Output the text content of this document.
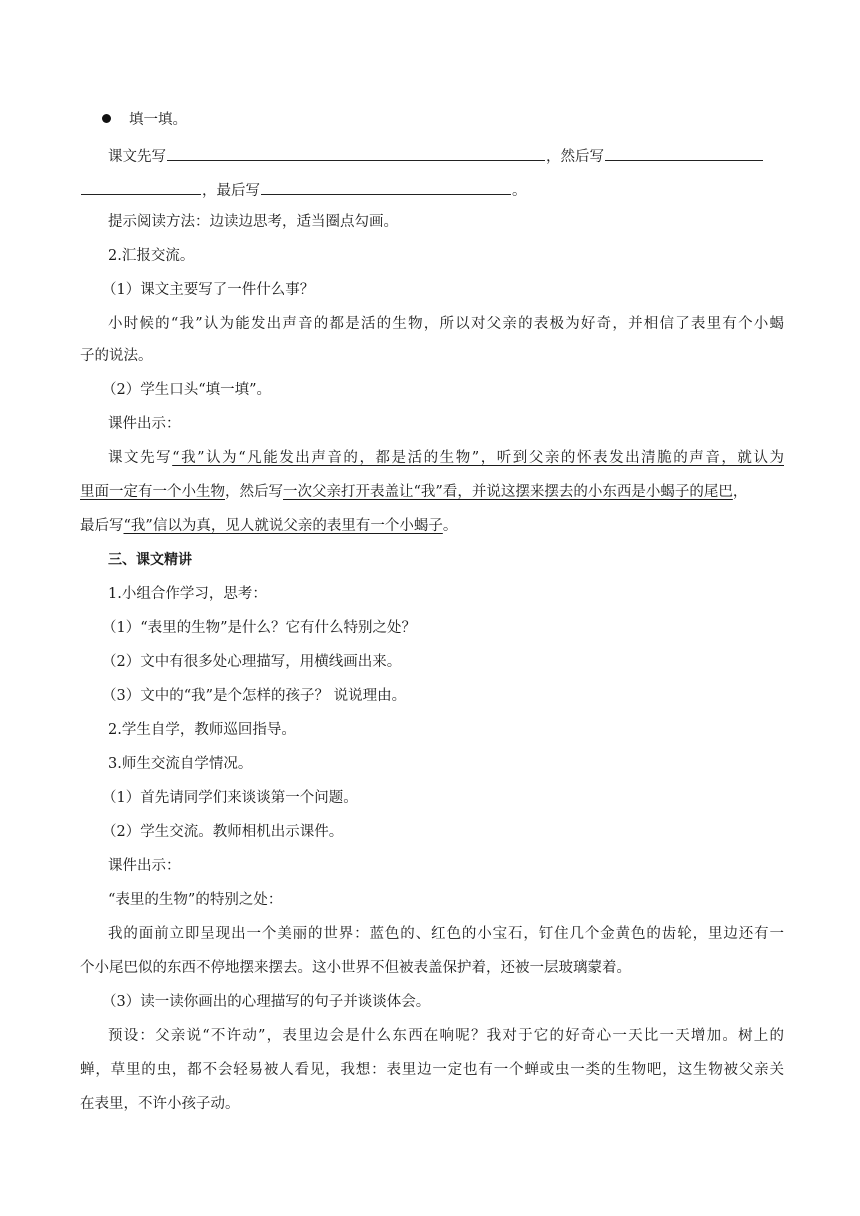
填一填。
课文先写	，然后写
，最后写	。
提示阅读方法：边读边思考，适当圈点勾画。
2.汇报交流。
（1）课文主要写了一件什么事？
小时候的“我”认为能发出声音的都是活的生物，所以对父亲的表极为好奇，并相信了表里有个小蝎
子的说法。
（2）学生口头“填一填”。
课件出示：
课文先写“我”认为“凡能发出声音的，都是活的生物”，听到父亲的怀表发出清脆的声音，就认为
里面一定有一个小生物，然后写一次父亲打开表盖让“我”看，并说这摆来摆去的小东西是小蝎子的尾巴，
最后写“我”信以为真，见人就说父亲的表里有一个小蝎子。
三、课文精讲
1.小组合作学习，思考：
（1）“表里的生物”是什么？它有什么特别之处？
（2）文中有很多处心理描写，用横线画出来。
（3）文中的“我”是个怎样的孩子？ 说说理由。
2.学生自学，教师巡回指导。
3.师生交流自学情况。
（1）首先请同学们来谈谈第一个问题。
（2）学生交流。教师相机出示课件。
课件出示：
“表里的生物”的特别之处：
我的面前立即呈现出一个美丽的世界：蓝色的、红色的小宝石，钉住几个金黄色的齿轮，里边还有一
个小尾巴似的东西不停地摆来摆去。这小世界不但被表盖保护着，还被一层玻璃蒙着。
（3）读一读你画出的心理描写的句子并谈谈体会。
预设：父亲说“不许动”，表里边会是什么东西在响呢？我对于它的好奇心一天比一天增加。树上的
蝉，草里的虫，都不会轻易被人看见，我想：表里边一定也有一个蝉或虫一类的生物吧，这生物被父亲关
在表里，不许小孩子动。
